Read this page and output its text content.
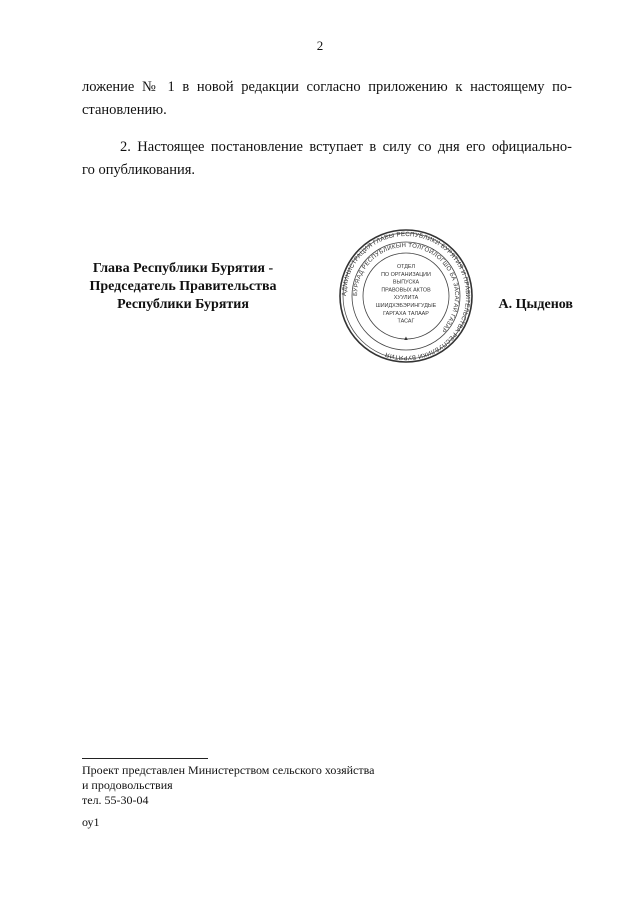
2

ложение № 1 в новой редакции согласно приложению к настоящему по-
становлению.

2. Настоящее постановление вступает в силу со дня его официально-
го опубликования.

Глава Республики Бурятия -
Председатель Правительства
Республики Бурятия
АДМИНИСТРАЦИЯ ГЛАВЫ РЕСПУБЛИКИ БУРЯТИЯ И ПРАВИТЕЛЬСТВА РЕСПУБЛИКИ БУРЯТИЯ
БУРЯАД РЕСПУБЛИКЫН ТОЛГОЙЛОГШО БА ЗАСАГАЙ ГАЗАР
ОТДЕЛ
ПО ОРГАНИЗАЦИИ
ВЫПУСКА
ПРАВОВЫХ АКТОВ
ХУУЛИТА
ШИИДХЭБЭРИНГУДЫЕ
ГАРГАХА ТАЛААР
ТАСАГ
▲
А. Цыденов
Проект представлен Министерством сельского хозяйства
и продовольствия
тел. 55-30-04
оу1
